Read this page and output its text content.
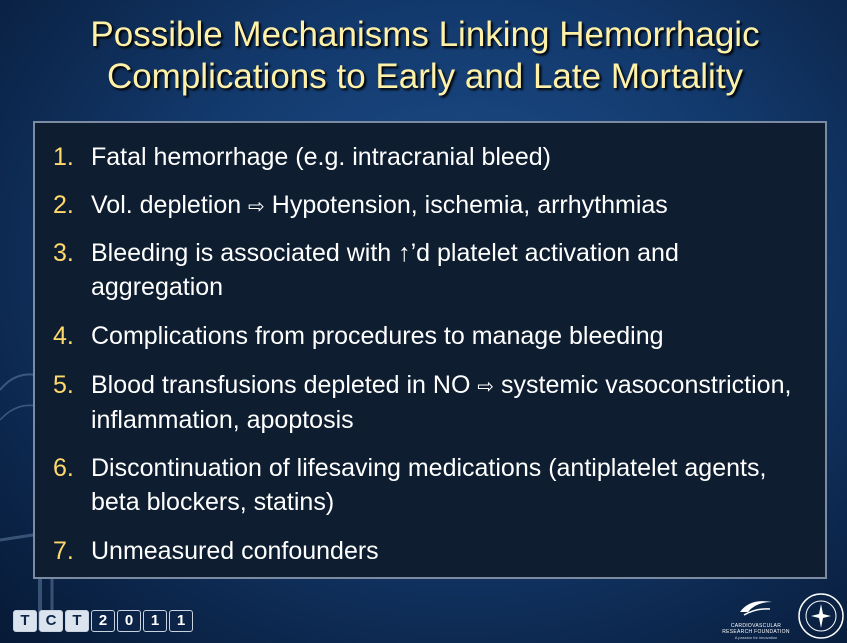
Possible Mechanisms Linking Hemorrhagic
Complications to Early and Late Mortality
1. Fatal hemorrhage (e.g. intracranial bleed)
2. Vol. depletion ⇨ Hypotension, ischemia, arrhythmias
3. Bleeding is associated with ↑’d platelet activation and aggregation
4. Complications from procedures to manage bleeding
5. Blood transfusions depleted in NO ⇨ systemic vasoconstriction, inflammation, apoptosis
6. Discontinuation of lifesaving medications (antiplatelet agents, beta blockers, statins)
7. Unmeasured confounders
T	C	T	2	0	1	1	CARDIOVASCULAR
RESEARCH FOUNDATION
A passion for innovation
